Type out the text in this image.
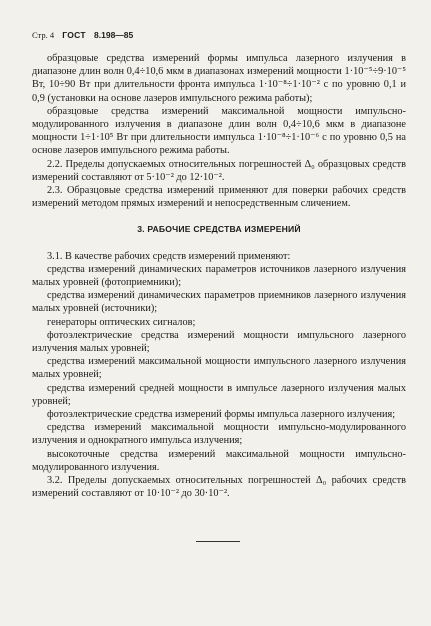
Стр. 4 ГОСТ 8.198—85

образцовые средства измерений формы импульса лазерного излучения в диапазоне длин волн 0,4÷10,6 мкм в диапазонах измерений мощности 1·10⁻⁵÷9·10⁻⁵ Вт, 10÷90 Вт при длительности фронта импульса 1·10⁻⁸÷1·10⁻² с по уровню 0,1 и 0,9 (установки на основе лазеров импульсного режима работы);

образцовые средства измерений максимальной мощности импульсно-модулированного излучения в диапазоне длин волн 0,4÷10,6 мкм в диапазоне мощности 1÷1·10⁵ Вт при длительности импульса 1·10⁻⁸÷1·10⁻⁶ с по уровню 0,5 на основе лазеров импульсного режима работы.

2.2. Пределы допускаемых относительных погрешностей Δ₀ образцовых средств измерений составляют от 5·10⁻² до 12·10⁻².

2.3. Образцовые средства измерений применяют для поверки рабочих средств измерений методом прямых измерений и непосредственным сличением.

3. РАБОЧИЕ СРЕДСТВА ИЗМЕРЕНИЙ

3.1. В качестве рабочих средств измерений применяют:

средства измерений динамических параметров источников лазерного излучения малых уровней (фотоприемники);

средства измерений динамических параметров приемников лазерного излучения малых уровней (источники);

генераторы оптических сигналов;

фотоэлектрические средства измерений мощности импульсного лазерного излучения малых уровней;

средства измерений максимальной мощности импульсного лазерного излучения малых уровней;

средства измерений средней мощности в импульсе лазерного излучения малых уровней;

фотоэлектрические средства измерений формы импульса лазерного излучения;

средства измерений максимальной мощности импульсно-модулированного излучения и однократного импульса излучения;

высокоточные средства измерений максимальной мощности импульсно-модулированного излучения.

3.2. Пределы допускаемых относительных погрешностей Δ₀ рабочих средств измерений составляют от 10·10⁻² до 30·10⁻².
